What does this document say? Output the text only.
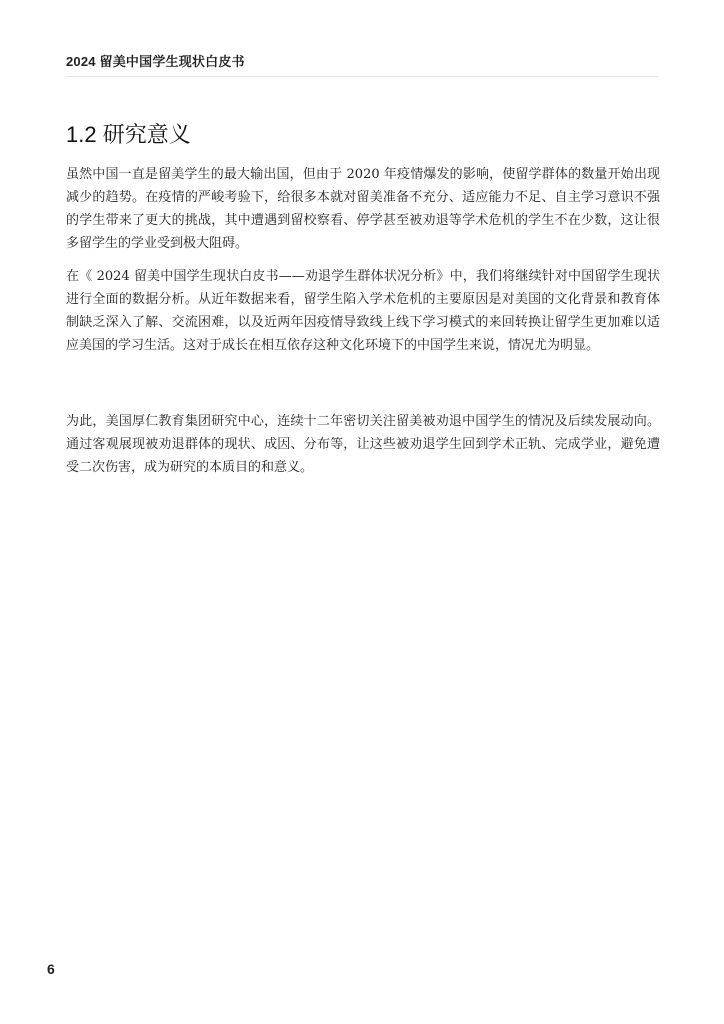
2024 留美中国学生现状白皮书
1.2 研究意义

虽然中国一直是留美学生的最大输出国，但由于 2020 年疫情爆发的影响，使留学群体的数量开始出现减少的趋势。在疫情的严峻考验下，给很多本就对留美准备不充分、适应能力不足、自主学习意识不强的学生带来了更大的挑战，其中遭遇到留校察看、停学甚至被劝退等学术危机的学生不在少数，这让很多留学生的学业受到极大阻碍。

在《 2024 留美中国学生现状白皮书——劝退学生群体状况分析》中，我们将继续针对中国留学生现状进行全面的数据分析。从近年数据来看，留学生陷入学术危机的主要原因是对美国的文化背景和教育体制缺乏深入了解、交流困难，以及近两年因疫情导致线上线下学习模式的来回转换让留学生更加难以适应美国的学习生活。这对于成长在相互依存这种文化环境下的中国学生来说，情况尤为明显。

为此，美国厚仁教育集团研究中心，连续十二年密切关注留美被劝退中国学生的情况及后续发展动向。通过客观展现被劝退群体的现状、成因、分布等，让这些被劝退学生回到学术正轨、完成学业，避免遭受二次伤害，成为研究的本质目的和意义。

6
